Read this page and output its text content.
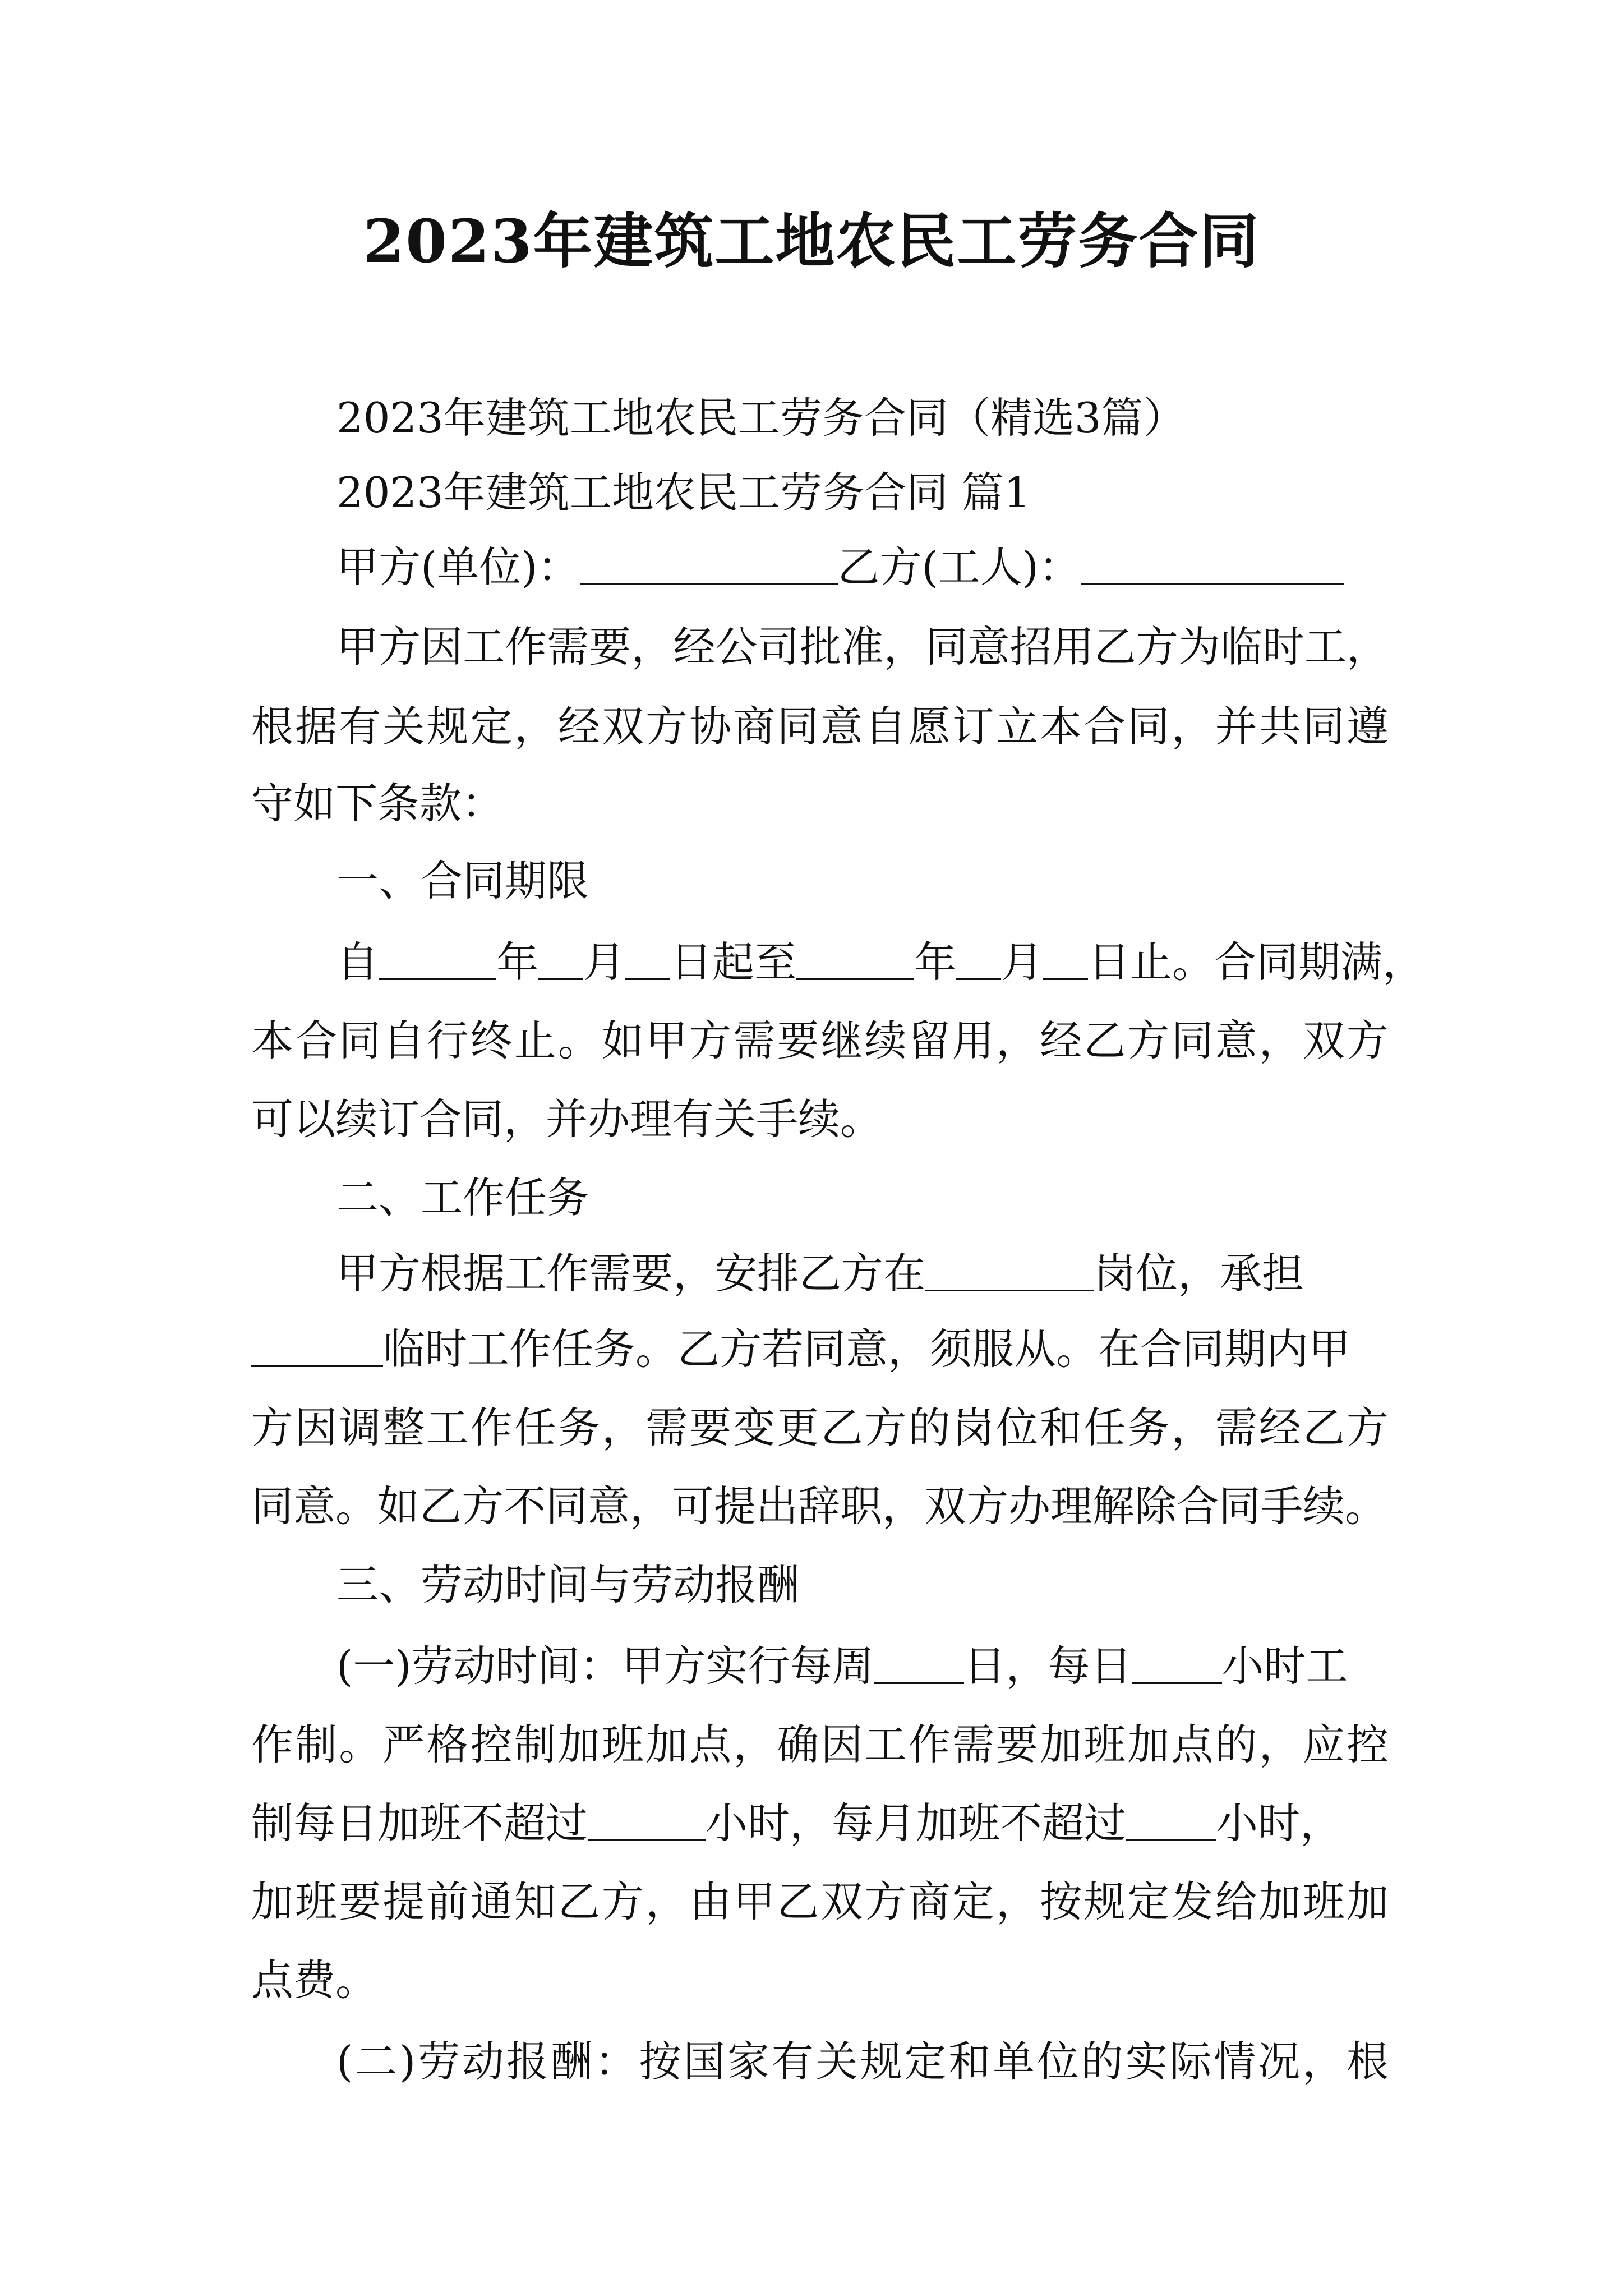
2023年建筑工地农民工劳务合同
2023年建筑工地农民工劳务合同（精选3篇）
2023年建筑工地农民工劳务合同 篇1
甲方(单位)：	乙方(工人)：
甲方因工作需要，经公司批准，同意招用乙方为临时工，
根据有关规定，经双方协商同意自愿订立本合同，并共同遵
守如下条款：
一、合同期限
自	年 月 日起至	年 月 日止。合同期满，
本合同自行终止。如甲方需要继续留用，经乙方同意，双方
可以续订合同，并办理有关手续。
二、工作任务
甲方根据工作需要，安排乙方在	岗位，承担
临时工作任务。乙方若同意，须服从。在合同期内甲
方因调整工作任务，需要变更乙方的岗位和任务，需经乙方
同意。如乙方不同意，可提出辞职，双方办理解除合同手续。
三、劳动时间与劳动报酬
(一)劳动时间：甲方实行每周 日，每日 小时工
作制。严格控制加班加点，确因工作需要加班加点的，应控
制每日加班不超过	小时，每月加班不超过 小时，
加班要提前通知乙方，由甲乙双方商定，按规定发给加班加
点费。
(二)劳动报酬：按国家有关规定和单位的实际情况，根
